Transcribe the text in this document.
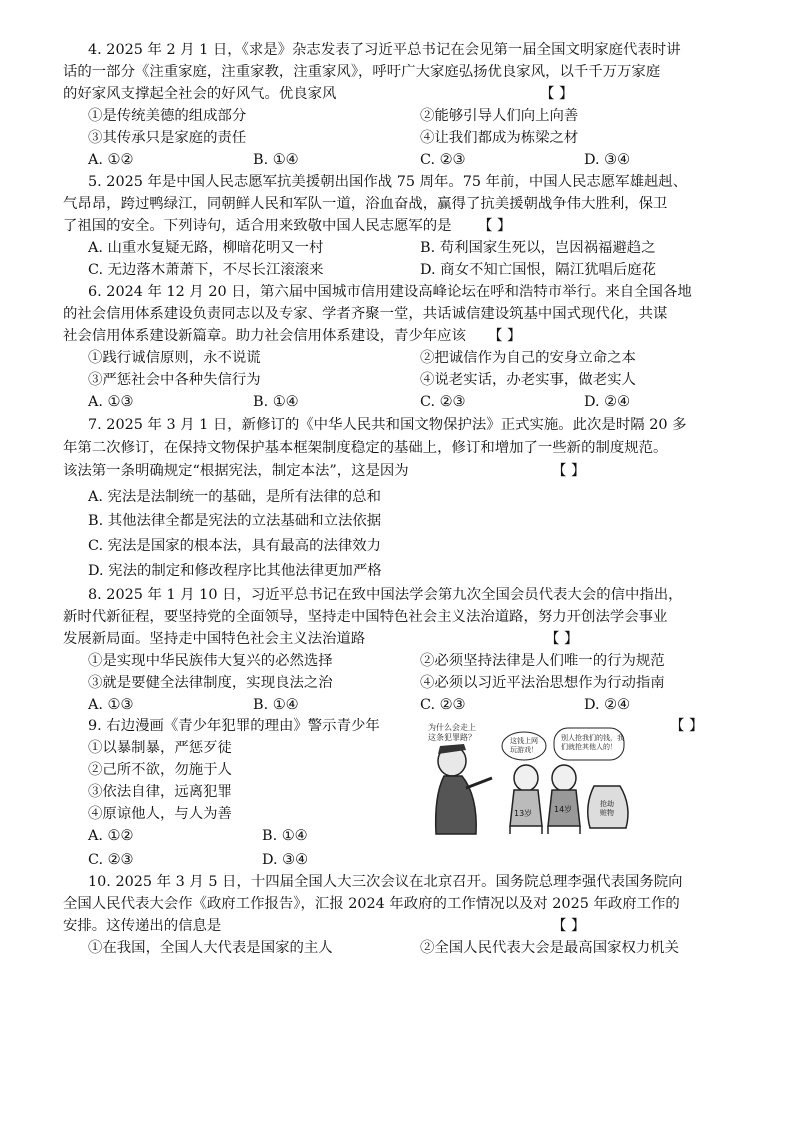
4. 2025 年 2 月 1 日，《求是》杂志发表了习近平总书记在会见第一届全国文明家庭代表时讲
话的一部分《注重家庭，注重家教，注重家风》，呼吁广大家庭弘扬优良家风，以千千万万家庭
的好家风支撑起全社会的好风气。优良家风	【 】
①是传统美德的组成部分	②能够引导人们向上向善
③其传承只是家庭的责任	④让我们都成为栋梁之材
A. ①②	B. ①④	C. ②③	D. ③④
5. 2025 年是中国人民志愿军抗美援朝出国作战 75 周年。75 年前，中国人民志愿军雄赳赳、
气昂昂，跨过鸭绿江，同朝鲜人民和军队一道，浴血奋战，赢得了抗美援朝战争伟大胜利，保卫
了祖国的安全。下列诗句，适合用来致敬中国人民志愿军的是 【 】
A. 山重水复疑无路，柳暗花明又一村	B. 苟利国家生死以，岂因祸福避趋之
C. 无边落木萧萧下，不尽长江滚滚来	D. 商女不知亡国恨，隔江犹唱后庭花
6. 2024 年 12 月 20 日，第六届中国城市信用建设高峰论坛在呼和浩特市举行。来自全国各地
的社会信用体系建设负责同志以及专家、学者齐聚一堂，共话诚信建设筑基中国式现代化，共谋
社会信用体系建设新篇章。助力社会信用体系建设，青少年应该 【 】
①践行诚信原则，永不说谎	②把诚信作为自己的安身立命之本
③严惩社会中各种失信行为	④说老实话，办老实事，做老实人
A. ①③	B. ①④	C. ②③	D. ②④
7. 2025 年 3 月 1 日，新修订的《中华人民共和国文物保护法》正式实施。此次是时隔 20 多
年第二次修订，在保持文物保护基本框架制度稳定的基础上，修订和增加了一些新的制度规范。
该法第一条明确规定“根据宪法，制定本法”，这是因为	【 】
A. 宪法是法制统一的基础，是所有法律的总和
B. 其他法律全都是宪法的立法基础和立法依据
C. 宪法是国家的根本法，具有最高的法律效力
D. 宪法的制定和修改程序比其他法律更加严格
8. 2025 年 1 月 10 日，习近平总书记在致中国法学会第九次全国会员代表大会的信中指出，
新时代新征程，要坚持党的全面领导，坚持走中国特色社会主义法治道路，努力开创法学会事业
发展新局面。坚持走中国特色社会主义法治道路	【 】
①是实现中华民族伟大复兴的必然选择	②必须坚持法律是人们唯一的行为规范
③就是要健全法律制度，实现良法之治	④必须以习近平法治思想作为行动指南
A. ①③	B. ①④	C. ②③	D. ②④
9. 右边漫画《青少年犯罪的理由》警示青少年	【 】
①以暴制暴，严惩歹徒
②己所不欲，勿施于人
③依法自律，远离犯罪
④原谅他人，与人为善
A. ①②	B. ①④
C. ②③	D. ③④
为什么会走上 这条犯罪路？	这钱上网 玩游戏！
别人抢我们的钱，我 们就抢其他人的！
13岁	14岁
抢劫 赃物
10. 2025 年 3 月 5 日，十四届全国人大三次会议在北京召开。国务院总理李强代表国务院向
全国人民代表大会作《政府工作报告》，汇报 2024 年政府的工作情况以及对 2025 年政府工作的
安排。这传递出的信息是	【 】
①在我国，全国人大代表是国家的主人	②全国人民代表大会是最高国家权力机关
